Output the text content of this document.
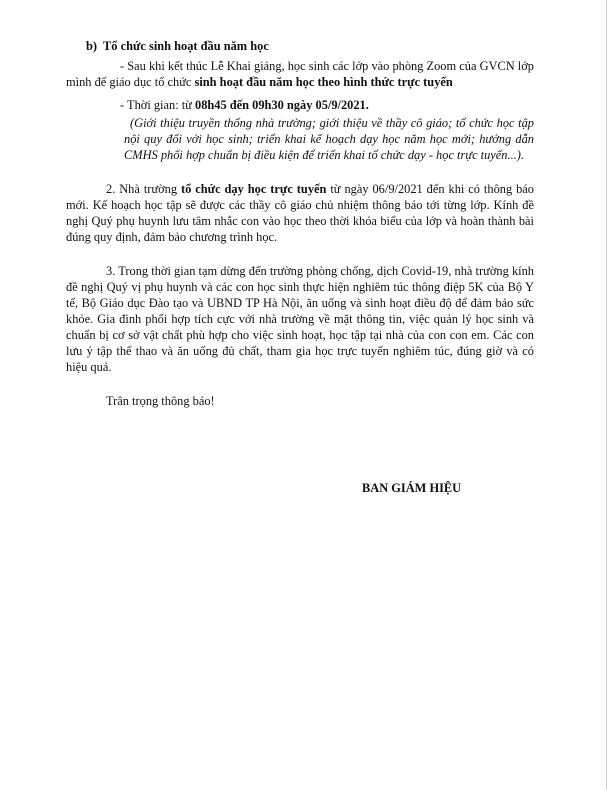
b) Tổ chức sinh hoạt đầu năm học

- Sau khi kết thúc Lễ Khai giảng, học sinh các lớp vào phòng Zoom của GVCN lớp mình để giáo dục tổ chức sinh hoạt đầu năm học theo hình thức trực tuyến

- Thời gian: từ 08h45 đến 09h30 ngày 05/9/2021.

(Giới thiệu truyền thống nhà trường; giới thiệu về thầy cô giáo; tổ chức học tập nội quy đối với học sinh; triển khai kế hoạch dạy học năm học mới; hướng dẫn CMHS phối hợp chuẩn bị điều kiện để triển khai tổ chức dạy - học trực tuyến...).

2. Nhà trường tổ chức dạy học trực tuyến từ ngày 06/9/2021 đến khi có thông báo mới. Kế hoạch học tập sẽ được các thầy cô giáo chủ nhiệm thông báo tới từng lớp. Kính đề nghị Quý phụ huynh lưu tâm nhắc con vào học theo thời khóa biểu của lớp và hoàn thành bài đúng quy định, đảm bảo chương trình học.

3. Trong thời gian tạm dừng đến trường phòng chống, dịch Covid-19, nhà trường kính đề nghị Quý vị phụ huynh và các con học sinh thực hiện nghiêm túc thông điệp 5K của Bộ Y tế, Bộ Giáo dục Đào tạo và UBND TP Hà Nội, ăn uống và sinh hoạt điều độ để đảm bảo sức khỏe. Gia đình phối hợp tích cực với nhà trường về mặt thông tin, việc quản lý học sinh và chuẩn bị cơ sở vật chất phù hợp cho việc sinh hoạt, học tập tại nhà của con con em. Các con lưu ý tập thể thao và ăn uống đủ chất, tham gia học trực tuyến nghiêm túc, đúng giờ và có hiệu quả.

Trân trọng thông báo!

BAN GIÁM HIỆU
